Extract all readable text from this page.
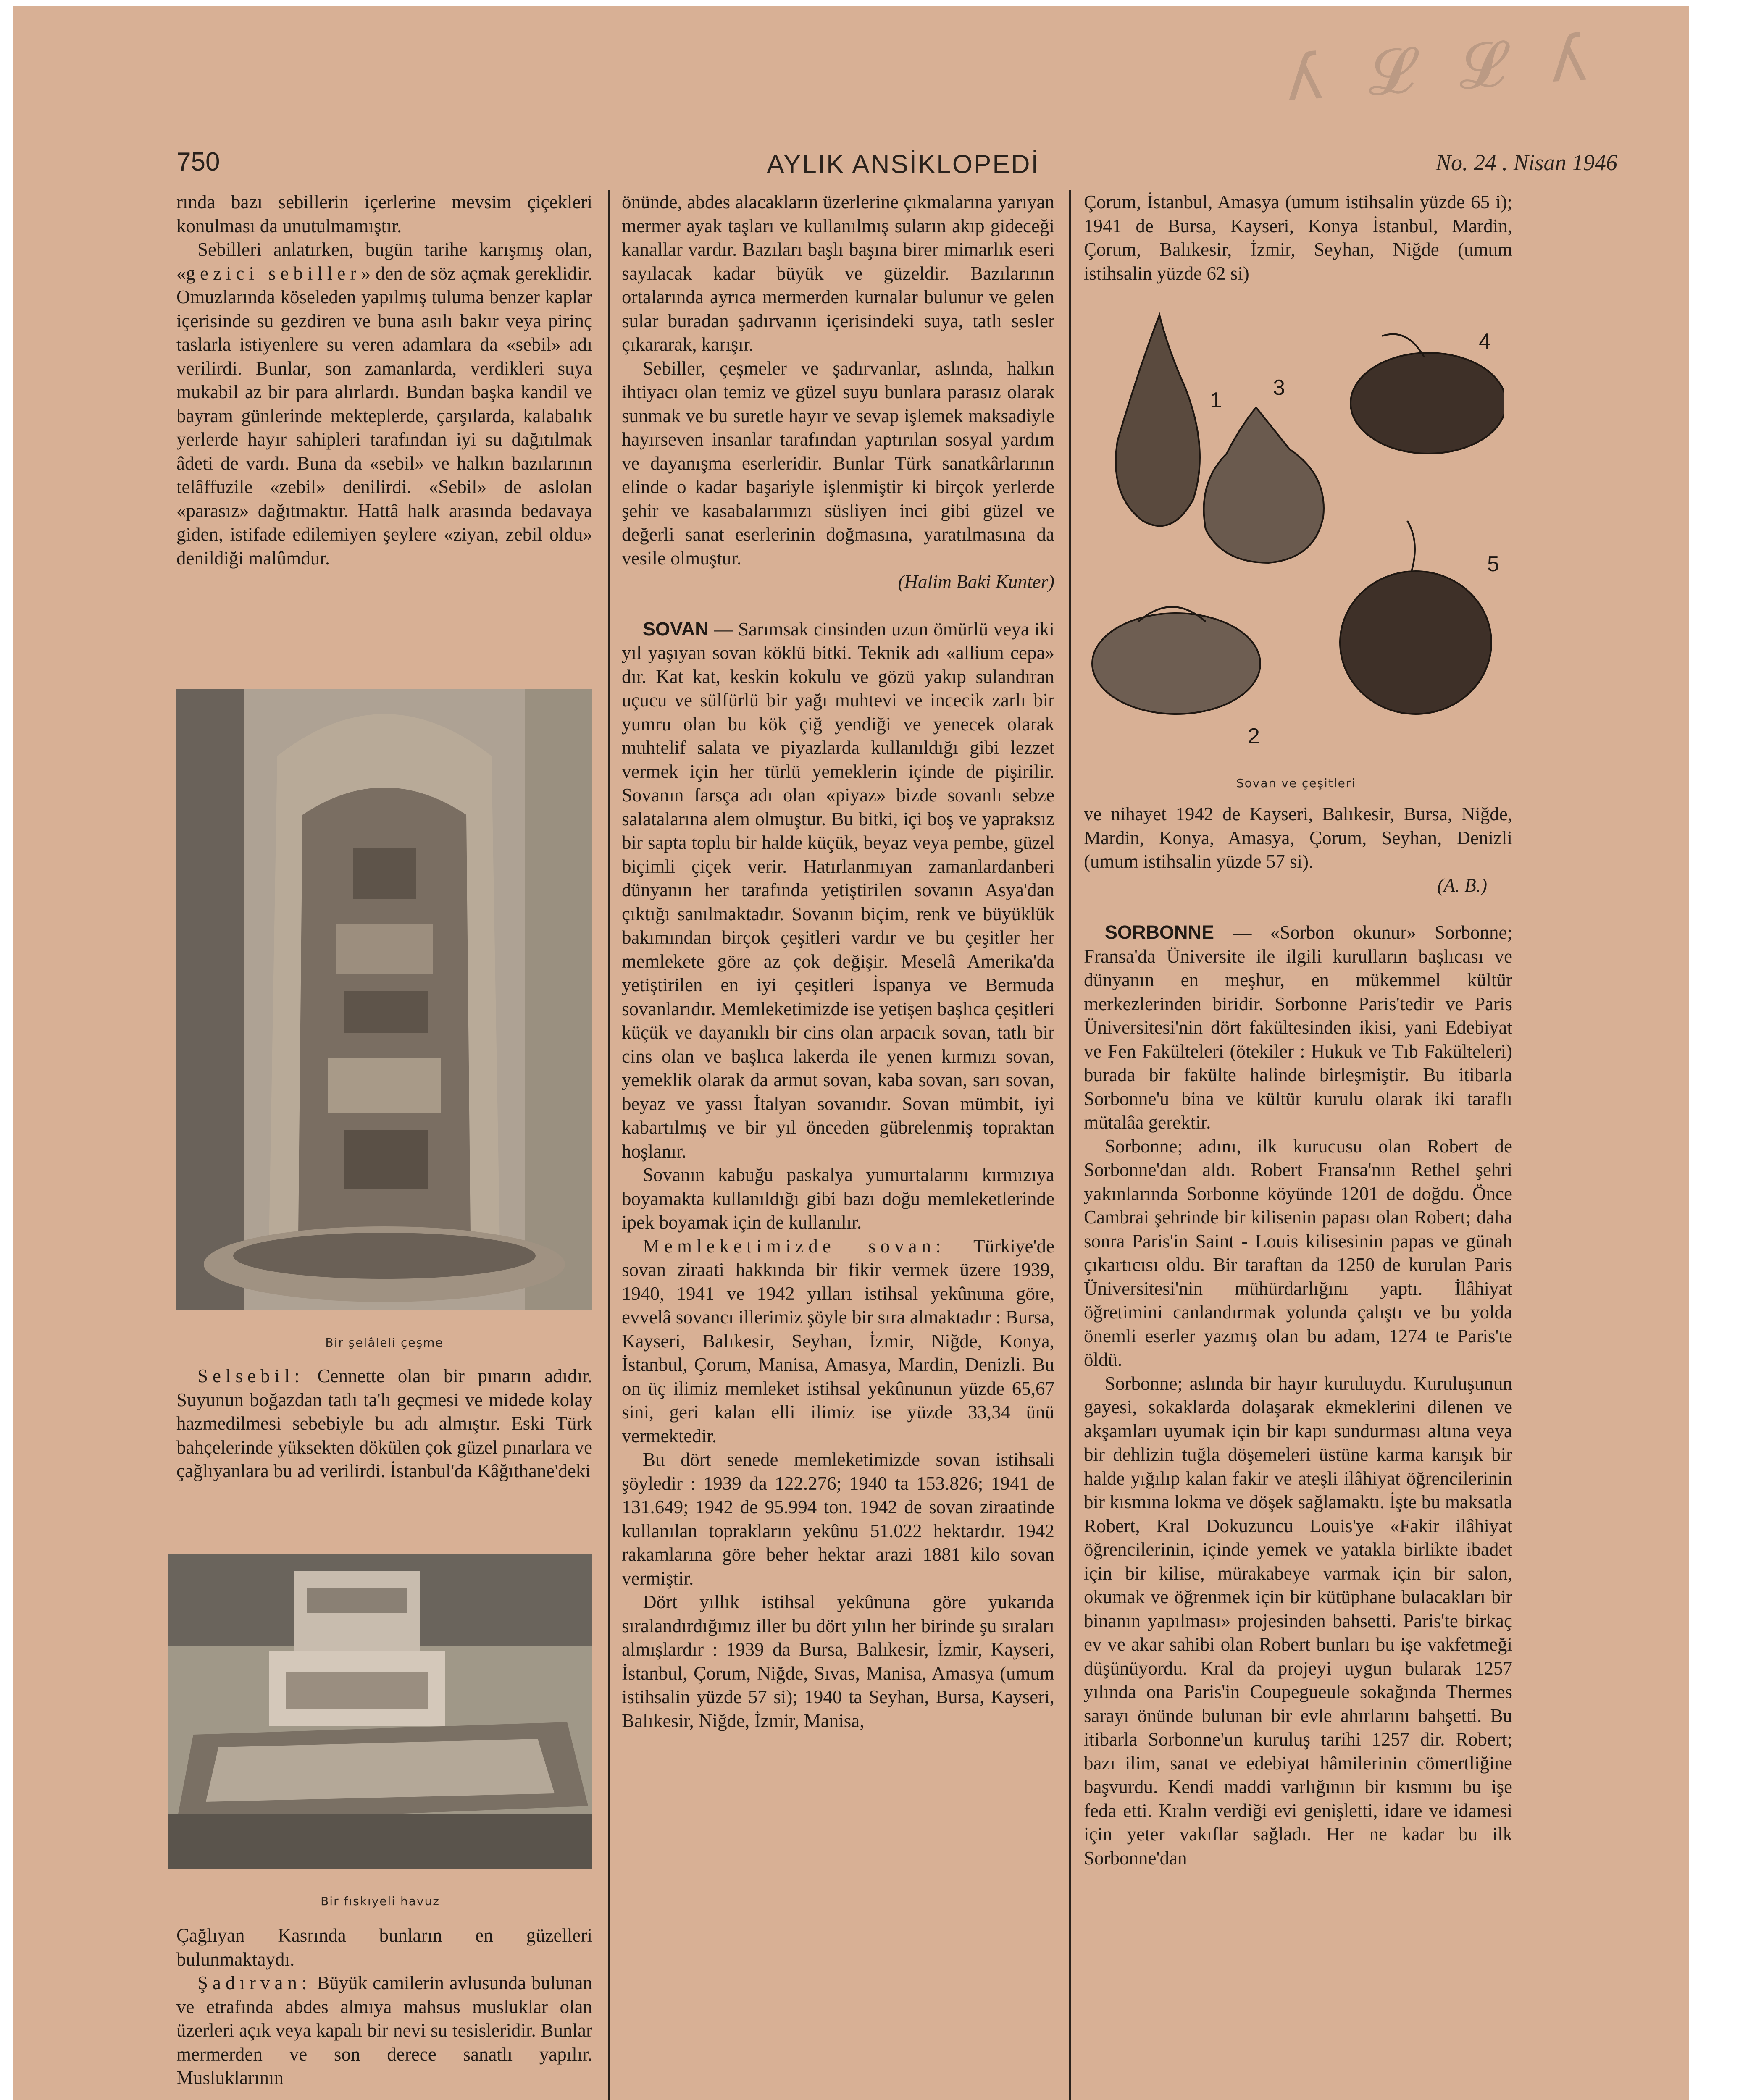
ʎ 𝓛 𝓛 ʎ
750	AYLIK ANSİKLOPEDİ	No. 24 . Nisan 1946

rında bazı sebillerin içerlerine mevsim çiçekleri konulması da unutulmamıştır.

Sebilleri anlatırken, bugün tarihe karışmış olan, «gezici sebiller» den de söz açmak gereklidir. Omuzlarında köseleden yapılmış tuluma benzer kaplar içerisinde su gezdiren ve buna asılı bakır veya pirinç taslarla istiyenlere su veren adamlara da «sebil» adı verilirdi. Bunlar, son zamanlarda, verdikleri suya mukabil az bir para alırlardı. Bundan başka kandil ve bayram günlerinde mekteplerde, çarşılarda, kalabalık yerlerde hayır sahipleri tarafından iyi su dağıtılmak âdeti de vardı. Buna da «sebil» ve halkın bazılarının telâffuzile «zebil» denilirdi. «Sebil» de aslolan «parasız» dağıtmaktır. Hattâ halk arasında bedavaya giden, istifade edilemiyen şeylere «ziyan, zebil oldu» denildiği malûmdur.

Bir şelâleli çeşme

Selsebil: Cennette olan bir pınarın adıdır. Suyunun boğazdan tatlı ta'lı geçmesi ve midede kolay hazmedilmesi sebebiyle bu adı almıştır. Eski Türk bahçelerinde yüksekten dökülen çok güzel pınarlara ve çağlıyanlara bu ad verilirdi. İstanbul'da Kâğıthane'deki

Bir fıskıyeli havuz

Çağlıyan Kasrında bunların en güzelleri bulunmaktaydı.

Şadırvan: Büyük camilerin avlusunda bulunan ve etrafında abdes almıya mahsus musluklar olan üzerleri açık veya kapalı bir nevi su tesisleridir. Bunlar mermerden ve son derece sanatlı yapılır. Musluklarının

önünde, abdes alacakların üzerlerine çıkmalarına yarıyan mermer ayak taşları ve kullanılmış suların akıp gideceği kanallar vardır. Bazıları başlı başına birer mimarlık eseri sayılacak kadar büyük ve güzeldir. Bazılarının ortalarında ayrıca mermerden kurnalar bulunur ve gelen sular buradan şadırvanın içerisindeki suya, tatlı sesler çıkararak, karışır.

Sebiller, çeşmeler ve şadırvanlar, aslında, halkın ihtiyacı olan temiz ve güzel suyu bunlara parasız olarak sunmak ve bu suretle hayır ve sevap işlemek maksadiyle hayırseven insanlar tarafından yaptırılan sosyal yardım ve dayanışma eserleridir. Bunlar Türk sanatkârlarının elinde o kadar başariyle işlenmiştir ki birçok yerlerde şehir ve kasabalarımızı süsliyen inci gibi güzel ve değerli sanat eserlerinin doğmasına, yaratılmasına da vesile olmuştur.

(Halim Baki Kunter)

SOVAN — Sarımsak cinsinden uzun ömürlü veya iki yıl yaşıyan sovan köklü bitki. Teknik adı «allium cepa» dır. Kat kat, keskin kokulu ve gözü yakıp sulandıran uçucu ve sülfürlü bir yağı muhtevi ve incecik zarlı bir yumru olan bu kök çiğ yendiği ve yenecek olarak muhtelif salata ve piyazlarda kullanıldığı gibi lezzet vermek için her türlü yemeklerin içinde de pişirilir. Sovanın farsça adı olan «piyaz» bizde sovanlı sebze salatalarına alem olmuştur. Bu bitki, içi boş ve yapraksız bir sapta toplu bir halde küçük, beyaz veya pembe, güzel biçimli çiçek verir. Hatırlanmıyan zamanlardanberi dünyanın her tarafında yetiştirilen sovanın Asya'dan çıktığı sanılmaktadır. Sovanın biçim, renk ve büyüklük bakımından birçok çeşitleri vardır ve bu çeşitler her memlekete göre az çok değişir. Meselâ Amerika'da yetiştirilen en iyi çeşitleri İspanya ve Bermuda sovanlarıdır. Memleketimizde ise yetişen başlıca çeşitleri küçük ve dayanıklı bir cins olan arpacık sovan, tatlı bir cins olan ve başlıca lakerda ile yenen kırmızı sovan, yemeklik olarak da armut sovan, kaba sovan, sarı sovan, beyaz ve yassı İtalyan sovanıdır. Sovan mümbit, iyi kabartılmış ve bir yıl önceden gübrelenmiş topraktan hoşlanır.

Sovanın kabuğu paskalya yumurtalarını kırmızıya boyamakta kullanıldığı gibi bazı doğu memleketlerinde ipek boyamak için de kullanılır.

Memleketimizde sovan: Türkiye'de sovan ziraati hakkında bir fikir vermek üzere 1939, 1940, 1941 ve 1942 yılları istihsal yekûnuna göre, evvelâ sovancı illerimiz şöyle bir sıra almaktadır : Bursa, Kayseri, Balıkesir, Seyhan, İzmir, Niğde, Konya, İstanbul, Çorum, Manisa, Amasya, Mardin, Denizli. Bu on üç ilimiz memleket istihsal yekûnunun yüzde 65,67 sini, geri kalan elli ilimiz ise yüzde 33,34 ünü vermektedir.

Bu dört senede memleketimizde sovan istihsali şöyledir : 1939 da 122.276; 1940 ta 153.826; 1941 de 131.649; 1942 de 95.994 ton. 1942 de sovan ziraatinde kullanılan toprakların yekûnu 51.022 hektardır. 1942 rakamlarına göre beher hektar arazi 1881 kilo sovan vermiştir.

Dört yıllık istihsal yekûnuna göre yukarıda sıralandırdığımız iller bu dört yılın her birinde şu sıraları almışlardır : 1939 da Bursa, Balıkesir, İzmir, Kayseri, İstanbul, Çorum, Niğde, Sıvas, Manisa, Amasya (umum istihsalin yüzde 57 si); 1940 ta Seyhan, Bursa, Kayseri, Balıkesir, Niğde, İzmir, Manisa,

Çorum, İstanbul, Amasya (umum istihsalin yüzde 65 i); 1941 de Bursa, Kayseri, Konya İstanbul, Mardin, Çorum, Balıkesir, İzmir, Seyhan, Niğde (umum istihsalin yüzde 62 si)

1
2
3
4
5
Sovan ve çeşitleri

ve nihayet 1942 de Kayseri, Balıkesir, Bursa, Niğde, Mardin, Konya, Amasya, Çorum, Seyhan, Denizli (umum istihsalin yüzde 57 si).

(A. B.)

SORBONNE — «Sorbon okunur» Sorbonne; Fransa'da Üniversite ile ilgili kurulların başlıcası ve dünyanın en meşhur, en mükemmel kültür merkezlerinden biridir. Sorbonne Paris'tedir ve Paris Üniversitesi'nin dört fakültesinden ikisi, yani Edebiyat ve Fen Fakülteleri (ötekiler : Hukuk ve Tıb Fakülteleri) burada bir fakülte halinde birleşmiştir. Bu itibarla Sorbonne'u bina ve kültür kurulu olarak iki taraflı mütalâa gerektir.

Sorbonne; adını, ilk kurucusu olan Robert de Sorbonne'dan aldı. Robert Fransa'nın Rethel şehri yakınlarında Sorbonne köyünde 1201 de doğdu. Önce Cambrai şehrinde bir kilisenin papası olan Robert; daha sonra Paris'in Saint - Louis kilisesinin papas ve günah çıkartıcısı oldu. Bir taraftan da 1250 de kurulan Paris Üniversitesi'nin mühürdarlığını yaptı. İlâhiyat öğretimini canlandırmak yolunda çalıştı ve bu yolda önemli eserler yazmış olan bu adam, 1274 te Paris'te öldü.

Sorbonne; aslında bir hayır kuruluydu. Kuruluşunun gayesi, sokaklarda dolaşarak ekmeklerini dilenen ve akşamları uyumak için bir kapı sundurması altına veya bir dehlizin tuğla döşemeleri üstüne karma karışık bir halde yığılıp kalan fakir ve ateşli ilâhiyat öğrencilerinin bir kısmına lokma ve döşek sağlamaktı. İşte bu maksatla Robert, Kral Dokuzuncu Louis'ye «Fakir ilâhiyat öğrencilerinin, içinde yemek ve yatakla birlikte ibadet için bir kilise, mürakabeye varmak için bir salon, okumak ve öğrenmek için bir kütüphane bulacakları bir binanın yapılması» projesinden bahsetti. Paris'te birkaç ev ve akar sahibi olan Robert bunları bu işe vakfetmeği düşünüyordu. Kral da projeyi uygun bularak 1257 yılında ona Paris'in Coupegueule sokağında Thermes sarayı önünde bulunan bir evle ahırlarını bahşetti. Bu itibarla Sorbonne'un kuruluş tarihi 1257 dir. Robert; bazı ilim, sanat ve edebiyat hâmilerinin cömertliğine başvurdu. Kendi maddi varlığının bir kısmını bu işe feda etti. Kralın verdiği evi genişletti, idare ve idamesi için yeter vakıflar sağladı. Her ne kadar bu ilk Sorbonne'dan
